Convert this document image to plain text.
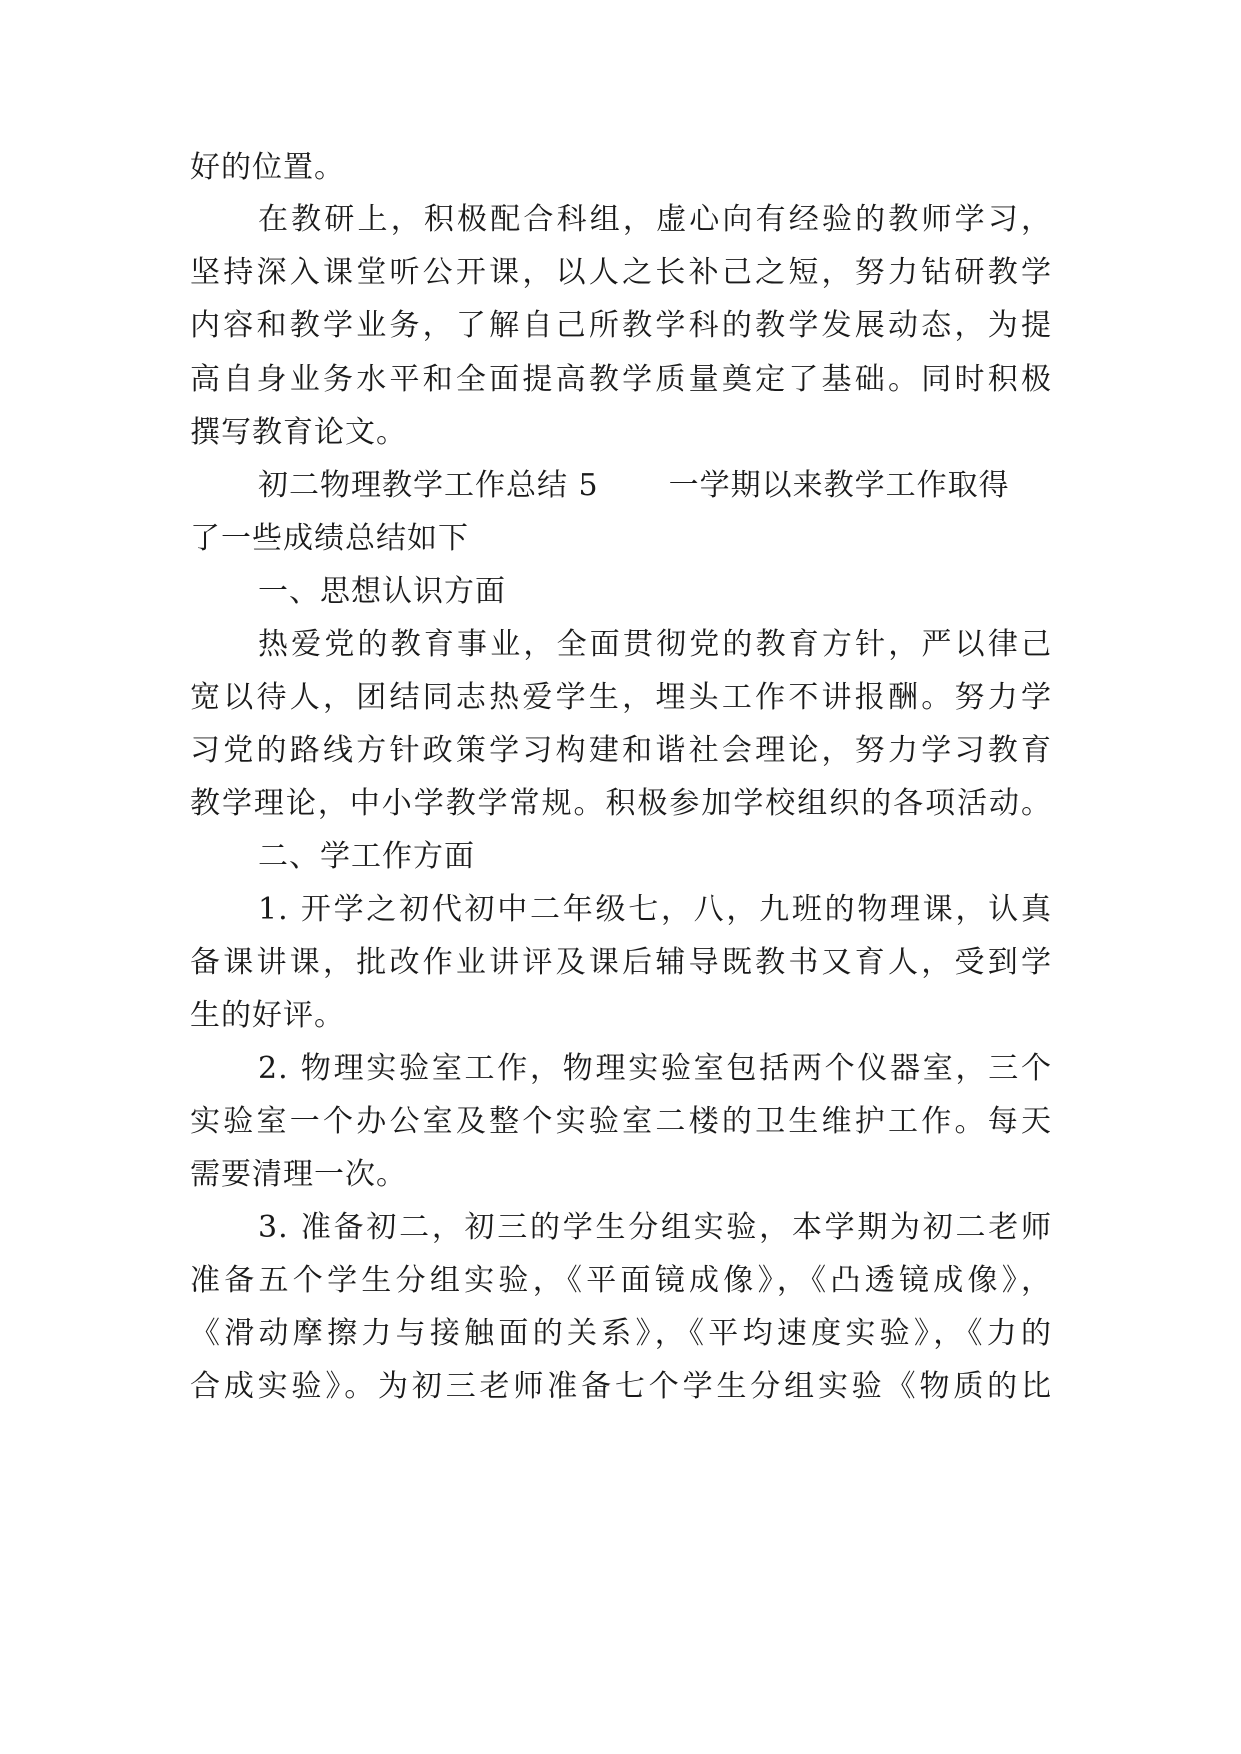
好的位置。
在教研上，积极配合科组，虚心向有经验的教师学习，
坚持深入课堂听公开课，以人之长补己之短，努力钻研教学
内容和教学业务，了解自己所教学科的教学发展动态，为提
高自身业务水平和全面提高教学质量奠定了基础。同时积极
撰写教育论文。
初二物理教学工作总结 5 一学期以来教学工作取得
了一些成绩总结如下
一、思想认识方面
热爱党的教育事业，全面贯彻党的教育方针，严以律己
宽以待人，团结同志热爱学生，埋头工作不讲报酬。努力学
习党的路线方针政策学习构建和谐社会理论，努力学习教育
教学理论，中小学教学常规。积极参加学校组织的各项活动。
二、学工作方面
1. 开学之初代初中二年级七，八，九班的物理课，认真
备课讲课，批改作业讲评及课后辅导既教书又育人，受到学
生的好评。
2. 物理实验室工作，物理实验室包括两个仪器室，三个
实验室一个办公室及整个实验室二楼的卫生维护工作。每天
需要清理一次。
3. 准备初二，初三的学生分组实验，本学期为初二老师
准备五个学生分组实验，《平面镜成像》，《凸透镜成像》，
《滑动摩擦力与接触面的关系》，《平均速度实验》，《力的
合成实验》。为初三老师准备七个学生分组实验《物质的比
